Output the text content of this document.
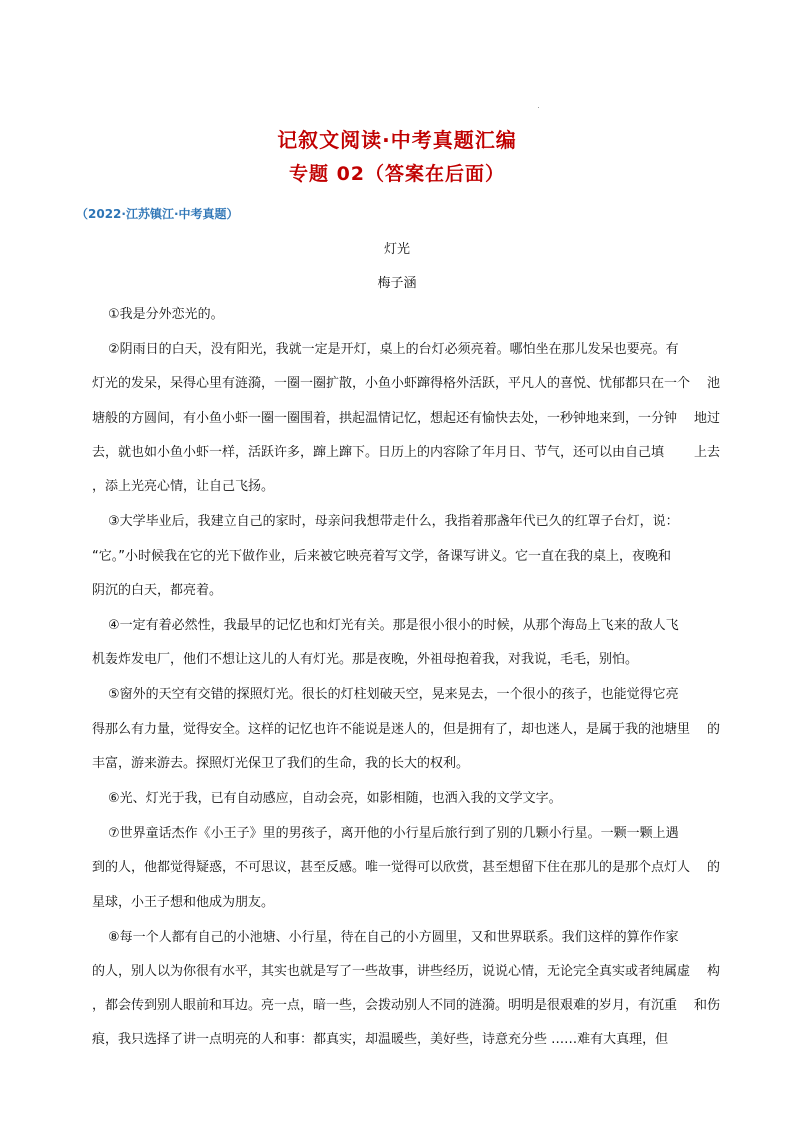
记叙文阅读·中考真题汇编
专题 02（答案在后面）
（2022·江苏镇江·中考真题）
灯光
梅子涵
①我是分外恋光的。
②阴雨日的白天，没有阳光，我就一定是开灯，桌上的台灯必须亮着。哪怕坐在那儿发呆也要亮。有
灯光的发呆，呆得心里有涟漪，一圈一圈扩散，小鱼小虾蹿得格外活跃，平凡人的喜悦、忧郁都只在一个 池
塘般的方圆间，有小鱼小虾一圈一圈围着，拱起温情记忆，想起还有愉快去处，一秒钟地来到，一分钟 地过
去，就也如小鱼小虾一样，活跃许多，蹿上蹿下。日历上的内容除了年月日、节气，还可以由自己填 上去
，添上光亮心情，让自己飞扬。
③大学毕业后，我建立自己的家时，母亲问我想带走什么，我指着那盏年代已久的红罩子台灯，说：
“它。”小时候我在它的光下做作业，后来被它映亮着写文学，备课写讲义。它一直在我的桌上，夜晚和
阴沉的白天，都亮着。
④一定有着必然性，我最早的记忆也和灯光有关。那是很小很小的时候，从那个海岛上飞来的敌人飞
机轰炸发电厂，他们不想让这儿的人有灯光。那是夜晚，外祖母抱着我，对我说，毛毛，别怕。
⑤窗外的天空有交错的探照灯光。很长的灯柱划破天空，晃来晃去，一个很小的孩子，也能觉得它亮
得那么有力量，觉得安全。这样的记忆也许不能说是迷人的，但是拥有了，却也迷人，是属于我的池塘里 的
丰富，游来游去。探照灯光保卫了我们的生命，我的长大的权利。
⑥光、灯光于我，已有自动感应，自动会亮，如影相随，也洒入我的文学文字。
⑦世界童话杰作《小王子》里的男孩子，离开他的小行星后旅行到了别的几颗小行星。一颗一颗上遇
到的人，他都觉得疑惑，不可思议，甚至反感。唯一觉得可以欣赏，甚至想留下住在那儿的是那个点灯人 的
星球，小王子想和他成为朋友。
⑧每一个人都有自己的小池塘、小行星，待在自己的小方圆里，又和世界联系。我们这样的算作作家
的人，别人以为你很有水平，其实也就是写了一些故事，讲些经历，说说心情，无论完全真实或者纯属虚 构
，都会传到别人眼前和耳边。亮一点，暗一些，会拨动别人不同的涟漪。明明是很艰难的岁月，有沉重 和伤
痕，我只选择了讲一点明亮的人和事：都真实，却温暖些，美好些，诗意充分些 ……难有大真理，但
